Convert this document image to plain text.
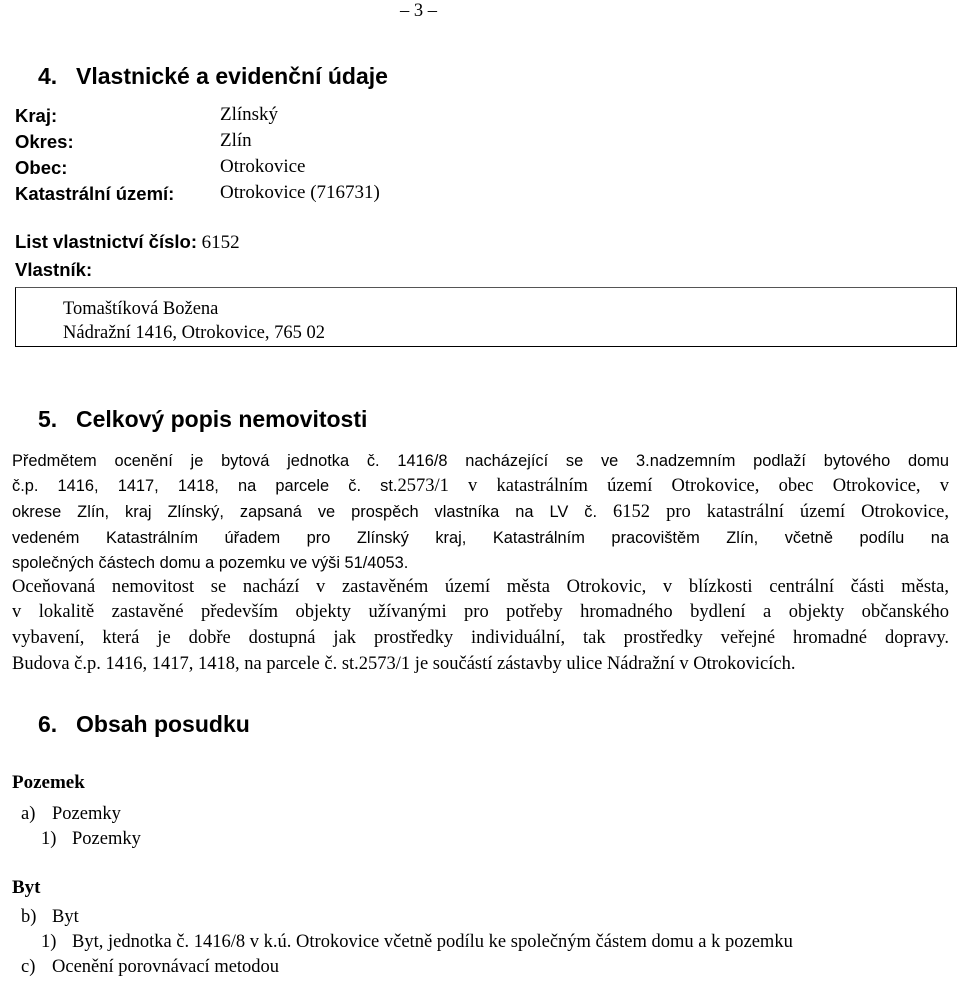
– 3 –
4. Vlastnické a evidenční údaje
Kraj:	Zlínský
Okres:	Zlín
Obec:	Otrokovice
Katastrální území: Otrokovice (716731)
List vlastnictví číslo: 6152
Vlastník:
Tomaštíková Božena
Nádražní 1416, Otrokovice, 765 02
5. Celkový popis nemovitosti
Předmětem ocenění je bytová jednotka č. 1416/8 nacházející se ve 3.nadzemním podlaží bytového domu
č.p. 1416, 1417, 1418, na parcele č. st.2573/1 v katastrálním území Otrokovice, obec Otrokovice, v
okrese Zlín, kraj Zlínský, zapsaná ve prospěch vlastníka na LV č. 6152 pro katastrální území Otrokovice,
vedeném Katastrálním úřadem pro Zlínský kraj, Katastrálním pracovištěm Zlín, včetně podílu na
společných částech domu a pozemku ve výši 51/4053.
Oceňovaná nemovitost se nachází v zastavěném území města Otrokovic, v blízkosti centrální části města,
v lokalitě zastavěné především objekty užívanými pro potřeby hromadného bydlení a objekty občanského
vybavení, která je dobře dostupná jak prostředky individuální, tak prostředky veřejné hromadné dopravy.
Budova č.p. 1416, 1417, 1418, na parcele č. st.2573/1 je součástí zástavby ulice Nádražní v Otrokovicích.
6. Obsah posudku
Pozemek
a) Pozemky
1) Pozemky
Byt
b) Byt
1) Byt, jednotka č. 1416/8 v k.ú. Otrokovice včetně podílu ke společným částem domu a k pozemku
c) Ocenění porovnávací metodou
